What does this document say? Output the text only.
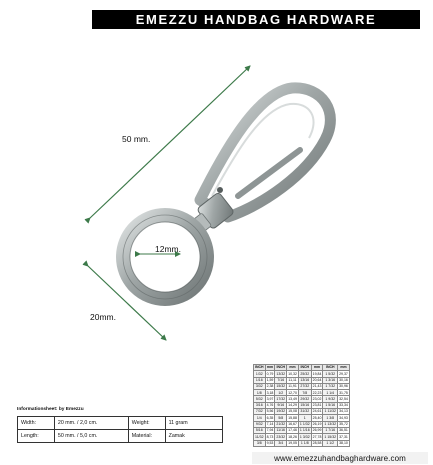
EMEZZU HANDBAG HARDWARE
50 mm.
12mm.
20mm.
Informationsheet: by Emezzu
Width:	20 mm. / 2,0 cm.	Weight:	11 gram
Length:	50 mm. / 5,0 cm.	Material:	Zamak
INCH	mm	INCH	mm	INCH	mm	INCH	mm
1/32	0,79	13/32	10,32	25/32	19,84	1 5/32	29,37
1/16	1,59	7/16	11,11	13/16	20,64	1 3/16	30,16
3/32	2,38	15/32	11,91	27/32	21,43	1 7/32	30,96
1/8	3,18	1/2	12,70	7/8	22,23	1 1/4	31,75
5/32	3,97	17/32	13,49	29/32	23,02	1 9/32	32,54
3/16	4,76	9/16	14,29	15/16	23,81	1 5/16	33,34
7/32	5,56	19/32	15,08	31/32	24,61	1 11/32	34,13
1/4	6,35	5/8	15,88	1	25,40	1 3/8	34,93
9/32	7,14	21/32	16,67	1 1/32	26,19	1 13/32	35,72
5/16	7,94	11/16	17,46	1 1/16	26,99	1 7/16	36,51
11/32	8,73	23/32	18,26	1 3/32	27,78	1 15/32	37,31
3/8	9,53	3/4	19,05	1 1/8	28,58	1 1/2	38,10
www.emezzuhandbaghardware.com
